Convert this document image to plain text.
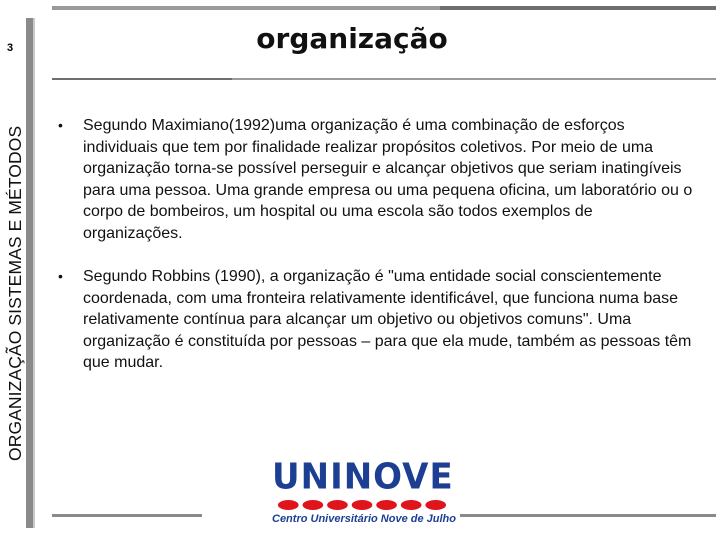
ORGANIZAÇÃO SISTEMAS E MÉTODOS
3	organização
• Segundo Maximiano(1992)uma organização é uma combinação de esforços individuais que tem por finalidade realizar propósitos coletivos. Por meio de uma organização torna-se possível perseguir e alcançar objetivos que seriam inatingíveis para uma pessoa. Uma grande empresa ou uma pequena oficina, um laboratório ou o corpo de bombeiros, um hospital ou uma escola são todos exemplos de organizações.
• Segundo Robbins (1990), a organização é "uma entidade social conscientemente coordenada, com uma fronteira relativamente identificável, que funciona numa base relativamente contínua para alcançar um objetivo ou objetivos comuns". Uma organização é constituída por pessoas – para que ela mude, também as pessoas têm que mudar.
UNINOVE
Centro Universitário Nove de Julho
